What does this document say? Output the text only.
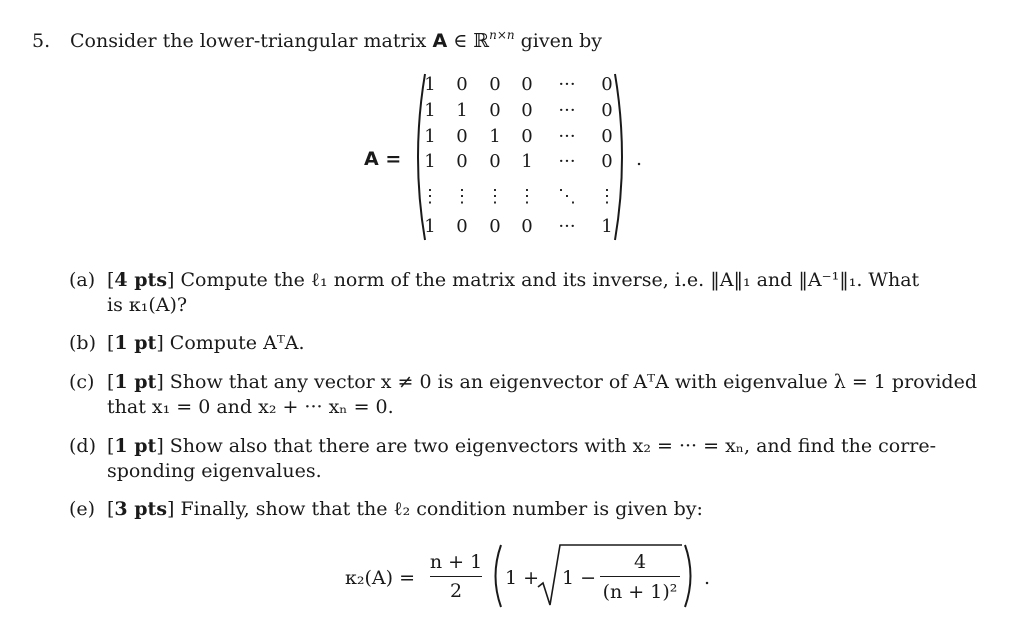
5. Consider the lower-triangular matrix A ∈ ℝ$^{n\times n}$ given by
A =
1	0	0	0	···	0
1	1	0	0	···	0
1	0	1	0	···	0
1	0	0	1	···	0
⋮ ⋮ ⋮ ⋮ ⋱ ⋮
1	0	0	0	···	1
.
(a) [4 pts] Compute the ℓ₁ norm of the matrix and its inverse, i.e. ‖A‖₁ and ‖A⁻¹‖₁. What
is κ₁(A)?
(b) [1 pt] Compute AᵀA.
(c) [1 pt] Show that any vector x ≠ 0 is an eigenvector of AᵀA with eigenvalue λ = 1 provided
that x₁ = 0 and x₂ + ··· xₙ = 0.
(d) [1 pt] Show also that there are two eigenvectors with x₂ = ··· = xₙ, and find the corre-
sponding eigenvalues.
(e) [3 pts] Finally, show that the ℓ₂ condition number is given by:
κ₂(A) =
n + 1
2
1 + 1 −
4
(n + 1)²
.
